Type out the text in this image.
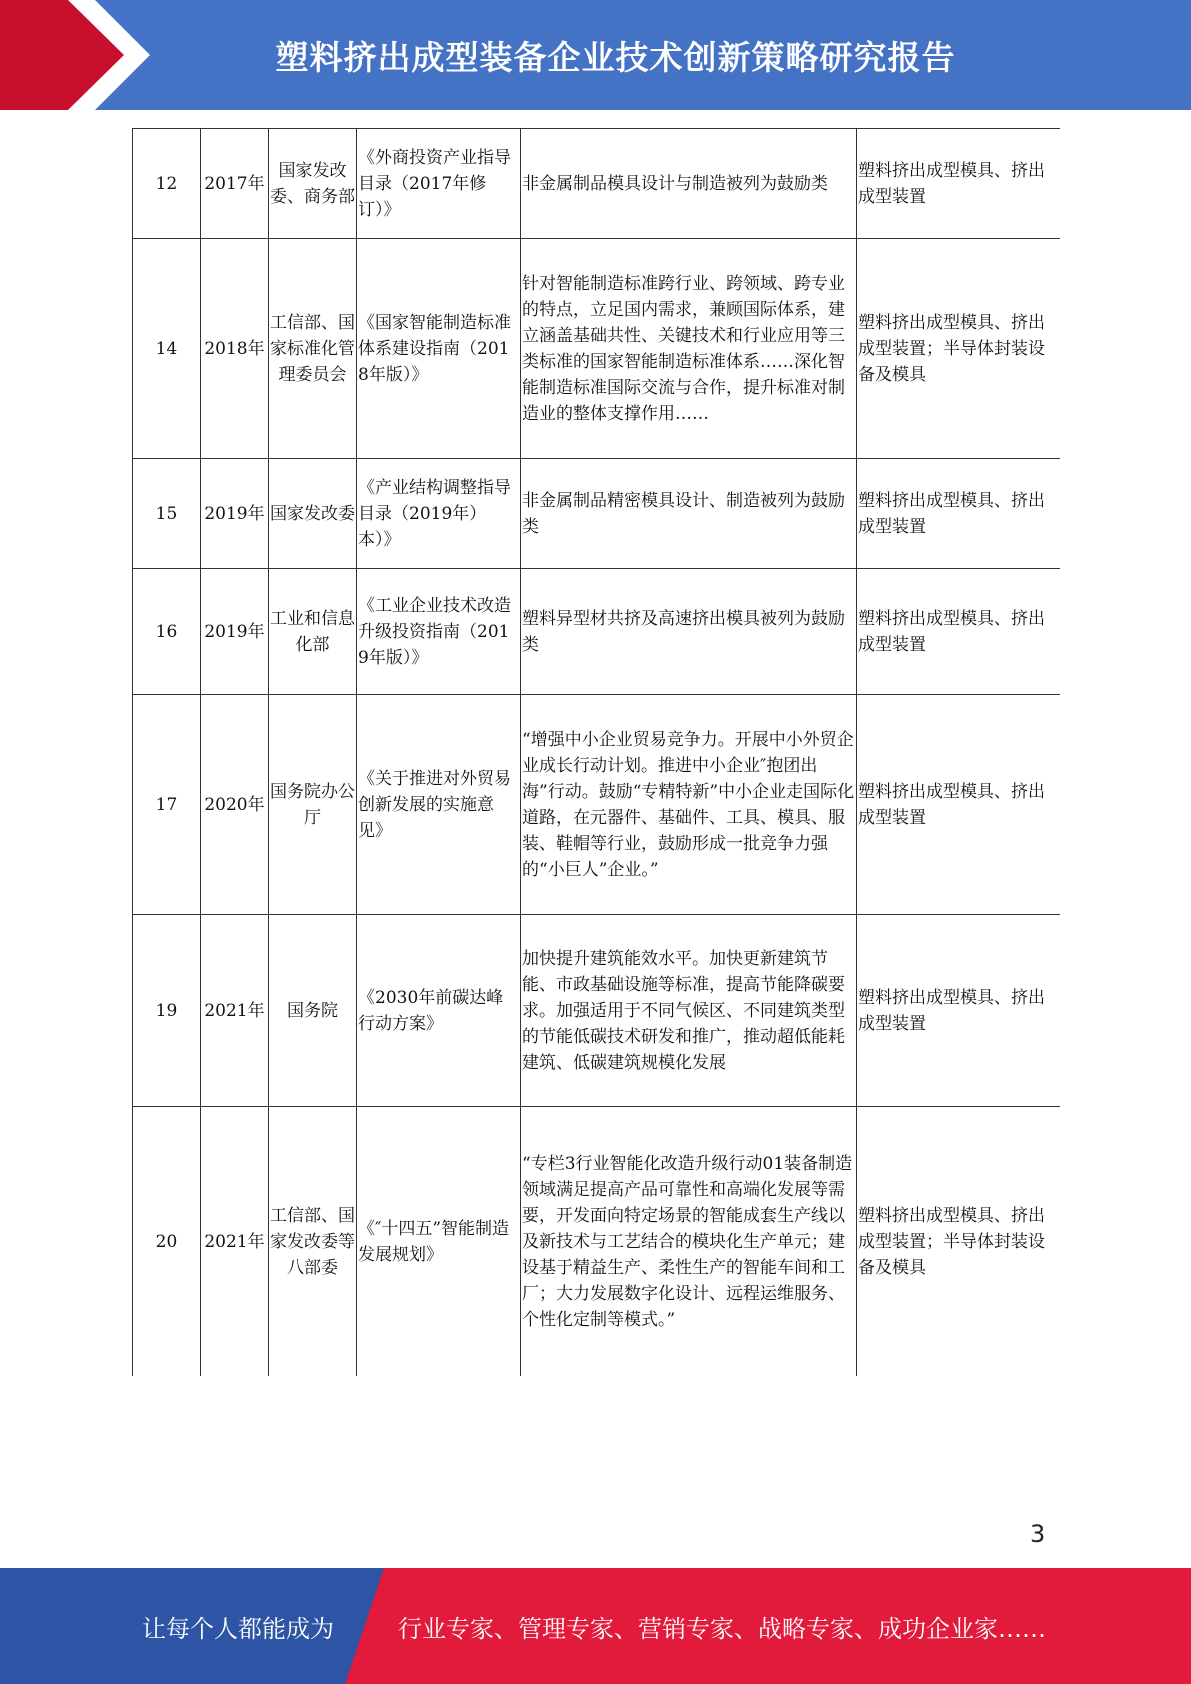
塑料挤出成型装备企业技术创新策略研究报告
12	2017年	国家发改委、商务部	《外商投资产业指导目录（2017年修订）》	非金属制品模具设计与制造被列为鼓励类	塑料挤出成型模具、挤出成型装置
14	2018年	工信部、国家标准化管理委员会	《国家智能制造标准体系建设指南（2018年版）》	针对智能制造标准跨行业、跨领域、跨专业的特点，立足国内需求，兼顾国际体系，建立涵盖基础共性、关键技术和行业应用等三类标准的国家智能制造标准体系……深化智能制造标准国际交流与合作，提升标准对制造业的整体支撑作用……	塑料挤出成型模具、挤出成型装置；半导体封装设备及模具
15	2019年	国家发改委	《产业结构调整指导目录（2019年）本）》	非金属制品精密模具设计、制造被列为鼓励类	塑料挤出成型模具、挤出成型装置
16	2019年	工业和信息化部	《工业企业技术改造升级投资指南（2019年版）》	塑料异型材共挤及高速挤出模具被列为鼓励类	塑料挤出成型模具、挤出成型装置
17	2020年	国务院办公厅	《关于推进对外贸易创新发展的实施意见》	“增强中小企业贸易竞争力。开展中小外贸企业成长行动计划。推进中小企业″抱团出海”行动。鼓励“专精特新”中小企业走国际化道路，在元器件、基础件、工具、模具、服装、鞋帽等行业，鼓励形成一批竞争力强的“小巨人”企业。”	塑料挤出成型模具、挤出成型装置
19	2021年	国务院	《2030年前碳达峰行动方案》	加快提升建筑能效水平。加快更新建筑节能、市政基础设施等标准，提高节能降碳要求。加强适用于不同气候区、不同建筑类型的节能低碳技术研发和推广，推动超低能耗建筑、低碳建筑规模化发展	塑料挤出成型模具、挤出成型装置
20	2021年	工信部、国家发改委等八部委	《″十四五”智能制造发展规划》	“专栏3行业智能化改造升级行动01装备制造领域满足提高产品可靠性和高端化发展等需要，开发面向特定场景的智能成套生产线以及新技术与工艺结合的模块化生产单元；建设基于精益生产、柔性生产的智能车间和工厂；大力发展数字化设计、远程运维服务、个性化定制等模式。”	塑料挤出成型模具、挤出成型装置；半导体封装设备及模具
3
让每个人都能成为	行业专家、管理专家、营销专家、战略专家、成功企业家……
